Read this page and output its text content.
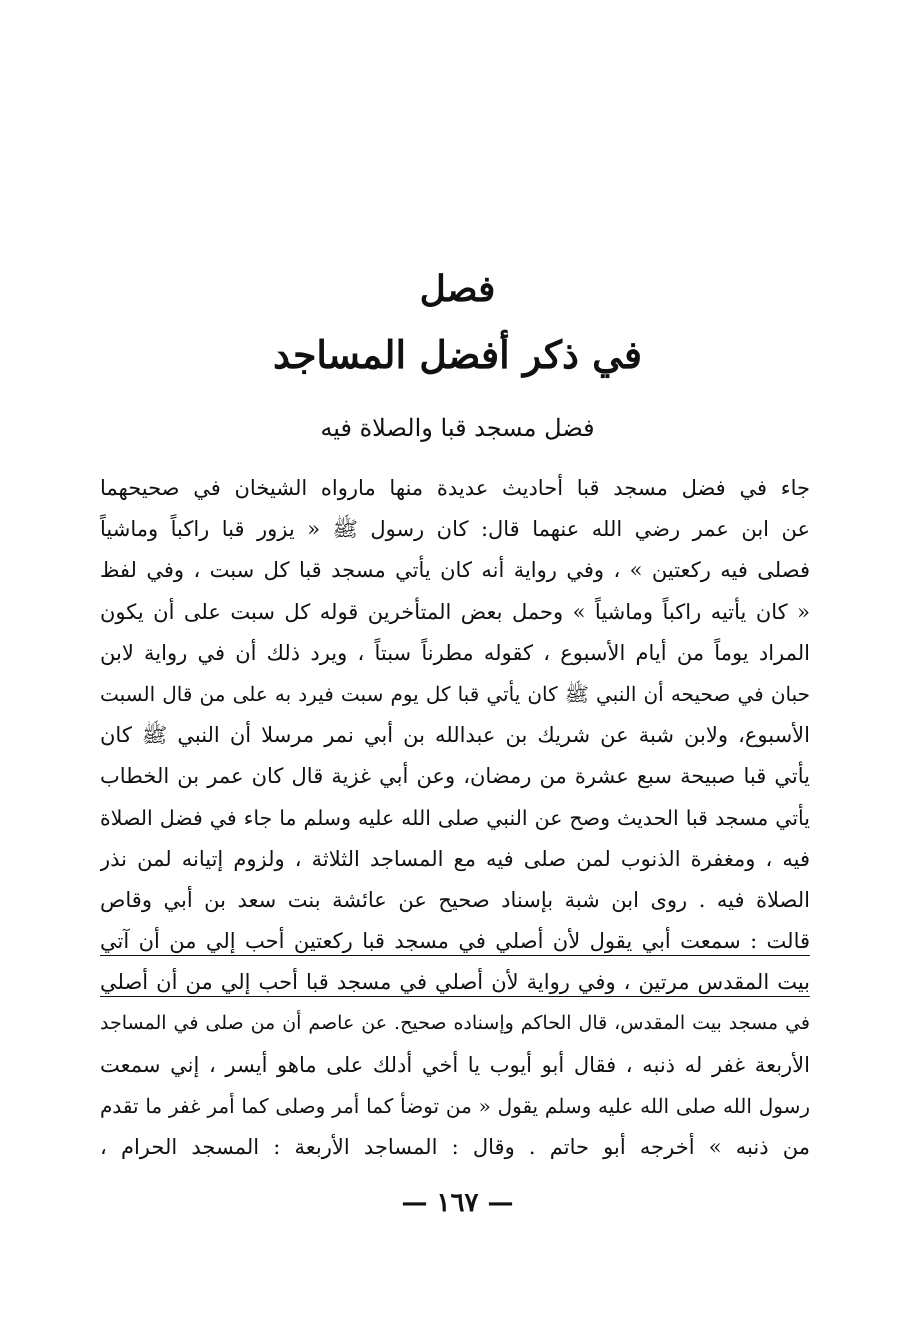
فصل
في ذكر أفضل المساجد
فضل مسجد قبا والصلاة فيه
جاء في فضل مسجد قبا أحاديث عديدة منها مارواه الشيخان في صحيحهما
عن ابن عمر رضي الله عنهما قال: كان رسول ﷺ « يزور قبا راكباً وماشياً
فصلى فيه ركعتين » ، وفي رواية أنه كان يأتي مسجد قبا كل سبت ، وفي لفظ
« كان يأتيه راكباً وماشياً » وحمل بعض المتأخرين قوله كل سبت على أن يكون
المراد يوماً من أيام الأسبوع ، كقوله مطرناً سبتاً ، ويرد ذلك أن في رواية لابن
حبان في صحيحه أن النبي ﷺ كان يأتي قبا كل يوم سبت فيرد به على من قال السبت
الأسبوع، ولابن شبة عن شريك بن عبدالله بن أبي نمر مرسلا أن النبي ﷺ كان
يأتي قبا صبيحة سبع عشرة من رمضان، وعن أبي غزية قال كان عمر بن الخطاب
يأتي مسجد قبا الحديث وصح عن النبي صلى الله عليه وسلم ما جاء في فضل الصلاة
فيه ، ومغفرة الذنوب لمن صلى فيه مع المساجد الثلاثة ، ولزوم إتيانه لمن نذر
الصلاة فيه . روى ابن شبة بإسناد صحيح عن عائشة بنت سعد بن أبي وقاص
قالت : سمعت أبي يقول لأن أصلي في مسجد قبا ركعتين أحب إلي من أن آتي
بيت المقدس مرتين ، وفي رواية لأن أصلي في مسجد قبا أحب إلي من أن أصلي
في مسجد بيت المقدس، قال الحاكم وإسناده صحيح. عن عاصم أن من صلى في المساجد
الأربعة غفر له ذنبه ، فقال أبو أيوب يا أخي أدلك على ماهو أيسر ، إني سمعت
رسول الله صلى الله عليه وسلم يقول « من توضأ كما أمر وصلى كما أمر غفر ما تقدم
من ذنبه » أخرجه أبو حاتم . وقال : المساجد الأربعة : المسجد الحرام ،
— ١٦٧ —
